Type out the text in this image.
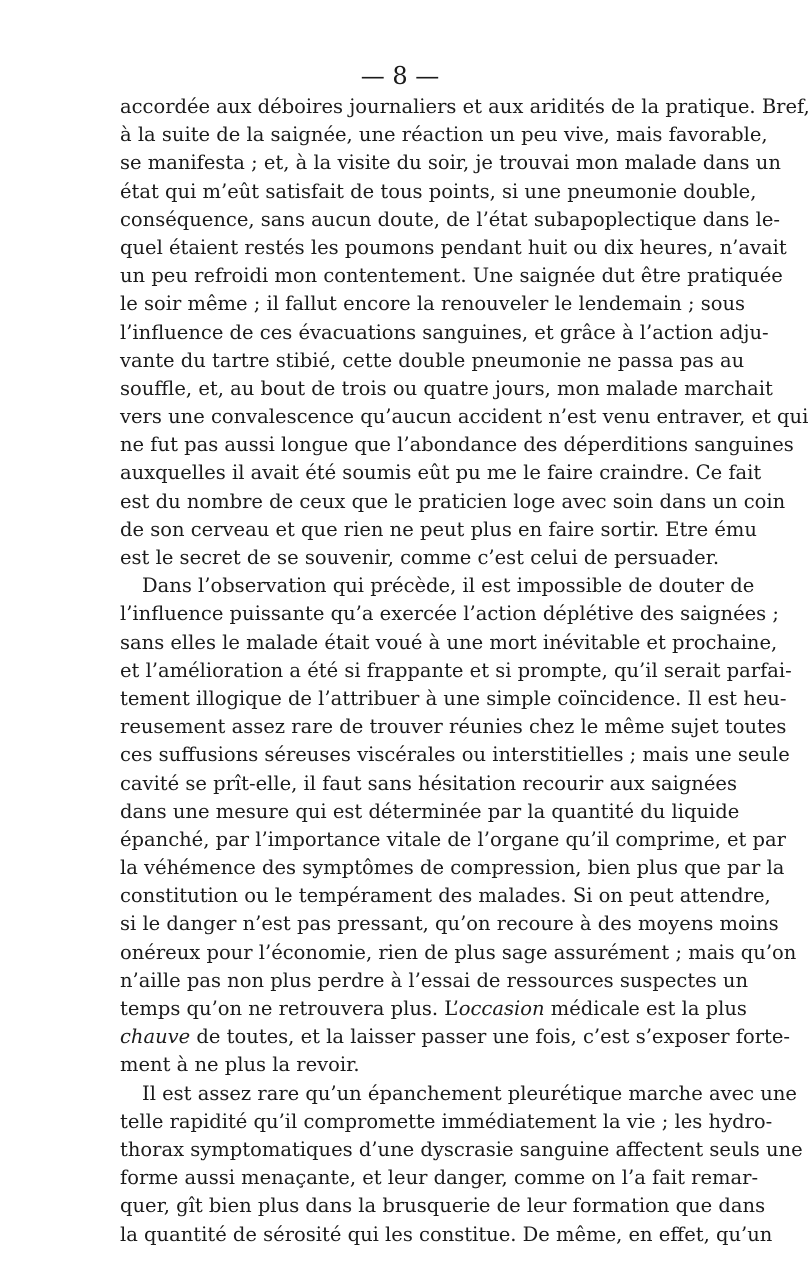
— 8 —
accordée aux déboires journaliers et aux aridités de la pratique. Bref,
à la suite de la saignée, une réaction un peu vive, mais favorable,
se manifesta ; et, à la visite du soir, je trouvai mon malade dans un
état qui m’eût satisfait de tous points, si une pneumonie double,
conséquence, sans aucun doute, de l’état subapoplectique dans le-
quel étaient restés les poumons pendant huit ou dix heures, n’avait
un peu refroidi mon contentement. Une saignée dut être pratiquée
le soir même ; il fallut encore la renouveler le lendemain ; sous
l’influence de ces évacuations sanguines, et grâce à l’action adju-
vante du tartre stibié, cette double pneumonie ne passa pas au
souffle, et, au bout de trois ou quatre jours, mon malade marchait
vers une convalescence qu’aucun accident n’est venu entraver, et qui
ne fut pas aussi longue que l’abondance des déperditions sanguines
auxquelles il avait été soumis eût pu me le faire craindre. Ce fait
est du nombre de ceux que le praticien loge avec soin dans un coin
de son cerveau et que rien ne peut plus en faire sortir. Etre ému
est le secret de se souvenir, comme c’est celui de persuader.
Dans l’observation qui précède, il est impossible de douter de
l’influence puissante qu’a exercée l’action déplétive des saignées ;
sans elles le malade était voué à une mort inévitable et prochaine,
et l’amélioration a été si frappante et si prompte, qu’il serait parfai-
tement illogique de l’attribuer à une simple coïncidence. Il est heu-
reusement assez rare de trouver réunies chez le même sujet toutes
ces suffusions séreuses viscérales ou interstitielles ; mais une seule
cavité se prît-elle, il faut sans hésitation recourir aux saignées
dans une mesure qui est déterminée par la quantité du liquide
épanché, par l’importance vitale de l’organe qu’il comprime, et par
la véhémence des symptômes de compression, bien plus que par la
constitution ou le tempérament des malades. Si on peut attendre,
si le danger n’est pas pressant, qu’on recoure à des moyens moins
onéreux pour l’économie, rien de plus sage assurément ; mais qu’on
n’aille pas non plus perdre à l’essai de ressources suspectes un
temps qu’on ne retrouvera plus. L’occasion médicale est la plus
chauve de toutes, et la laisser passer une fois, c’est s’exposer forte-
ment à ne plus la revoir.
Il est assez rare qu’un épanchement pleurétique marche avec une
telle rapidité qu’il compromette immédiatement la vie ; les hydro-
thorax symptomatiques d’une dyscrasie sanguine affectent seuls une
forme aussi menaçante, et leur danger, comme on l’a fait remar-
quer, gît bien plus dans la brusquerie de leur formation que dans
la quantité de sérosité qui les constitue. De même, en effet, qu’un
